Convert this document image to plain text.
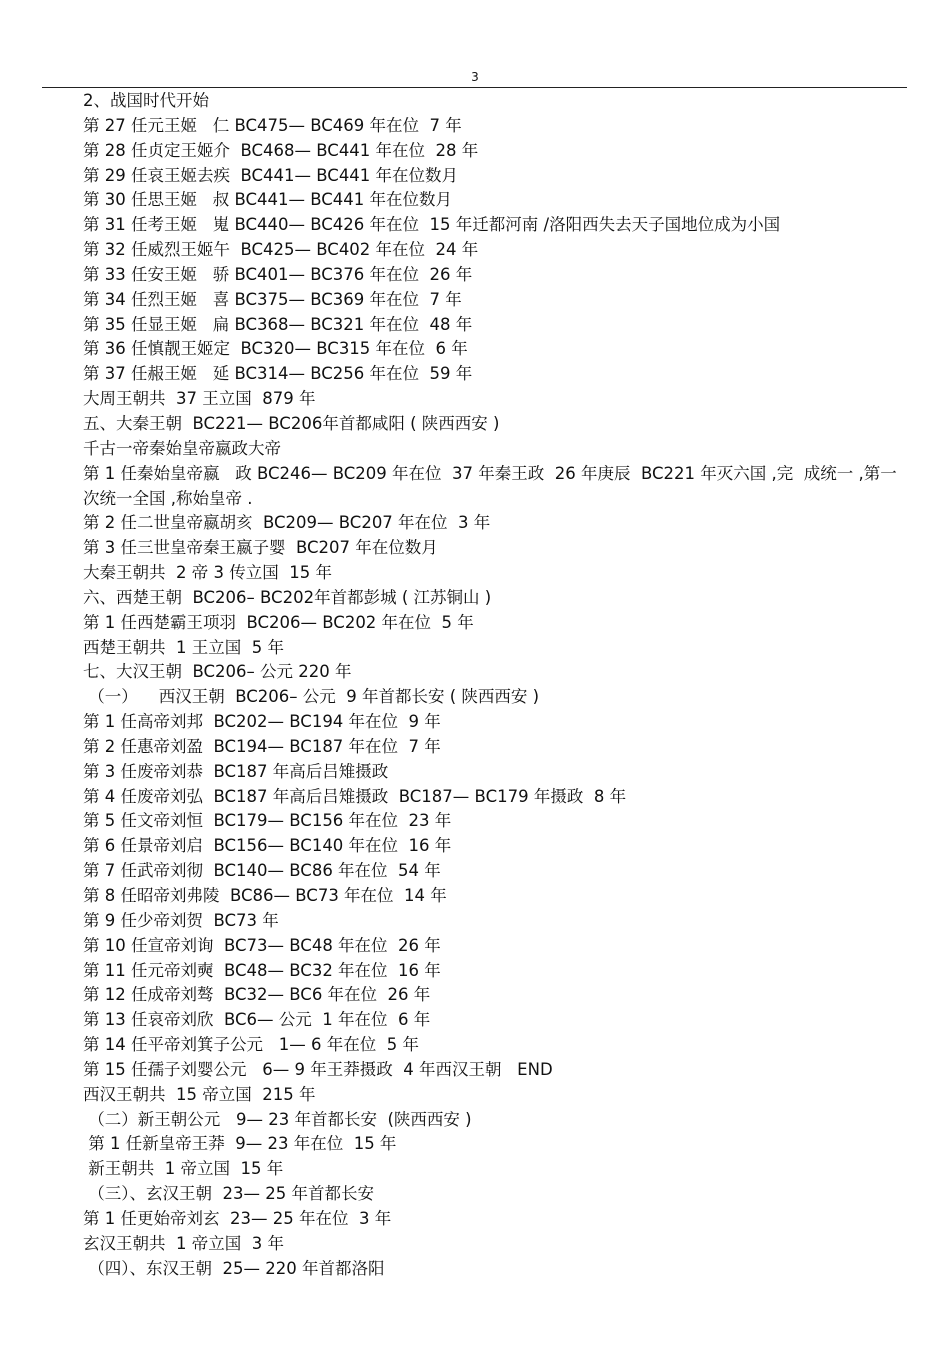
3
2、战国时代开始
第 27 任元王姬   仁 BC475— BC469 年在位  7 年
第 28 任贞定王姬介  BC468— BC441 年在位  28 年
第 29 任哀王姬去疾  BC441— BC441 年在位数月
第 30 任思王姬   叔 BC441— BC441 年在位数月
第 31 任考王姬   嵬 BC440— BC426 年在位  15 年迁都河南 /洛阳西失去天子国地位成为小国
第 32 任威烈王姬午  BC425— BC402 年在位  24 年
第 33 任安王姬   骄 BC401— BC376 年在位  26 年
第 34 任烈王姬   喜 BC375— BC369 年在位  7 年
第 35 任显王姬   扁 BC368— BC321 年在位  48 年
第 36 任慎靓王姬定  BC320— BC315 年在位  6 年
第 37 任赧王姬   延 BC314— BC256 年在位  59 年
大周王朝共  37 王立国  879 年
五、大秦王朝  BC221— BC206年首都咸阳 ( 陕西西安 )
千古一帝秦始皇帝嬴政大帝
第 1 任秦始皇帝嬴   政 BC246— BC209 年在位  37 年秦王政  26 年庚辰  BC221 年灭六国 ,完  成统一 ,第一次统一全国 ,称始皇帝 .
第 2 任二世皇帝嬴胡亥  BC209— BC207 年在位  3 年
第 3 任三世皇帝秦王嬴子婴  BC207 年在位数月
大秦王朝共  2 帝 3 传立国  15 年
六、西楚王朝  BC206– BC202年首都彭城 ( 江苏铜山 )
第 1 任西楚霸王项羽  BC206— BC202 年在位  5 年
西楚王朝共  1 王立国  5 年
七、大汉王朝  BC206– 公元 220 年
（一）    西汉王朝  BC206– 公元  9 年首都长安 ( 陕西西安 )
第 1 任高帝刘邦  BC202— BC194 年在位  9 年
第 2 任惠帝刘盈  BC194— BC187 年在位  7 年
第 3 任废帝刘恭  BC187 年高后吕雉摄政
第 4 任废帝刘弘  BC187 年高后吕雉摄政  BC187— BC179 年摄政  8 年
第 5 任文帝刘恒  BC179— BC156 年在位  23 年
第 6 任景帝刘启  BC156— BC140 年在位  16 年
第 7 任武帝刘彻  BC140— BC86 年在位  54 年
第 8 任昭帝刘弗陵  BC86— BC73 年在位  14 年
第 9 任少帝刘贺  BC73 年
第 10 任宣帝刘询  BC73— BC48 年在位  26 年
第 11 任元帝刘奭  BC48— BC32 年在位  16 年
第 12 任成帝刘骜  BC32— BC6 年在位  26 年
第 13 任哀帝刘欣  BC6— 公元  1 年在位  6 年
第 14 任平帝刘箕子公元   1— 6 年在位  5 年
第 15 任孺子刘婴公元   6— 9 年王莽摄政  4 年西汉王朝   END
西汉王朝共  15 帝立国  215 年
（二）新王朝公元   9— 23 年首都长安  (陕西西安 )
第 1 任新皇帝王莽  9— 23 年在位  15 年
新王朝共  1 帝立国  15 年
（三）、玄汉王朝  23— 25 年首都长安
第 1 任更始帝刘玄  23— 25 年在位  3 年
玄汉王朝共  1 帝立国  3 年
（四）、东汉王朝  25— 220 年首都洛阳
